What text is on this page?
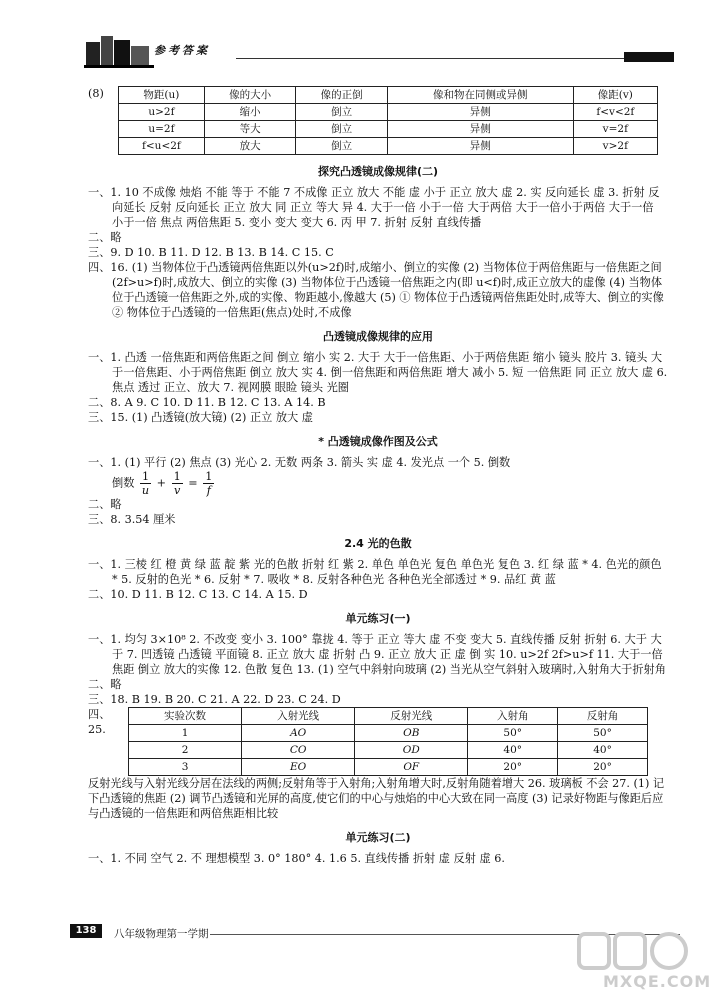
参考答案
(8)	物距(u)	像的大小	像的正倒	像和物在同侧或异侧	像距(v)
u>2f	缩小	倒立	异侧	f<v<2f
u=2f	等大	倒立	异侧	v=2f
f<u<2f	放大	倒立	异侧	v>2f
探究凸透镜成像规律(二)

一、1. 10 不成像 烛焰 不能 等于 不能 7 不成像 正立 放大 不能 虚 小于 正立 放大 虚 2. 实 反向延长 虚 3. 折射 反向延长 反射 反向延长 正立 放大 同 正立 等大 异 4. 大于一倍 小于一倍 大于两倍 大于一倍小于两倍 大于一倍 小于一倍 焦点 两倍焦距 5. 变小 变大 变大 6. 丙 甲 7. 折射 反射 直线传播

二、略

三、9. D 10. B 11. D 12. B 13. B 14. C 15. C

四、16. (1) 当物体位于凸透镜两倍焦距以外(u>2f)时,成缩小、倒立的实像 (2) 当物体位于两倍焦距与一倍焦距之间(2f>u>f)时,成放大、倒立的实像 (3) 当物体位于凸透镜一倍焦距之内(即 u<f)时,成正立放大的虚像 (4) 当物体位于凸透镜一倍焦距之外,成的实像、物距越小,像越大 (5) ① 物体位于凸透镜两倍焦距处时,成等大、倒立的实像 ② 物体位于凸透镜的一倍焦距(焦点)处时,不成像

凸透镜成像规律的应用

一、1. 凸透 一倍焦距和两倍焦距之间 倒立 缩小 实 2. 大于 大于一倍焦距、小于两倍焦距 缩小 镜头 胶片 3. 镜头 大于一倍焦距、小于两倍焦距 倒立 放大 实 4. 倒一倍焦距和两倍焦距 增大 减小 5. 短 一倍焦距 同 正立 放大 虚 6. 焦点 透过 正立、放大 7. 视网膜 眼睑 镜头 光圈

二、8. A 9. C 10. D 11. B 12. C 13. A 14. B

三、15. (1) 凸透镜(放大镜) (2) 正立 放大 虚

* 凸透镜成像作图及公式

一、1. (1) 平行 (2) 焦点 (3) 光心 2. 无数 两条 3. 箭头 实 虚 4. 发光点 一个 5. 倒数

倒数 $\frac{1}{u} + \frac{1}{v} = \frac{1}{f}$

二、略

三、8. 3.54 厘米

2.4 光的色散

一、1. 三棱 红 橙 黄 绿 蓝 靛 紫 光的色散 折射 红 紫 2. 单色 单色光 复色 单色光 复色 3. 红 绿 蓝 * 4. 色光的颜色 * 5. 反射的色光 * 6. 反射 * 7. 吸收 * 8. 反射各种色光 各种色光全部透过 * 9. 品红 黄 蓝

二、10. D 11. B 12. C 13. C 14. A 15. D

单元练习(一)

一、1. 均匀 3×10⁸ 2. 不改变 变小 3. 100° 靠拢 4. 等于 正立 等大 虚 不变 变大 5. 直线传播 反射 折射 6. 大于 大于 7. 凹透镜 凸透镜 平面镜 8. 正立 放大 虚 折射 凸 9. 正立 放大 正 虚 倒 实 10. u>2f 2f>u>f 11. 大于一倍焦距 倒立 放大的实像 12. 色散 复色 13. (1) 空气中斜射向玻璃 (2) 当光从空气斜射入玻璃时,入射角大于折射角

二、略

三、18. B 19. B 20. C 21. A 22. D 23. C 24. D

四、25.
实验次数	入射光线	反射光线	入射角	反射角
1	AO	OB	50°	50°
2	CO	OD	40°	40°
3	EO	OF	20°	20°

反射光线与入射光线分居在法线的两侧;反射角等于入射角;入射角增大时,反射角随着增大 26. 玻璃板 不会 27. (1) 记下凸透镜的焦距 (2) 调节凸透镜和光屏的高度,使它们的中心与烛焰的中心大致在同一高度 (3) 记录好物距与像距后应与凸透镜的一倍焦距和两倍焦距相比较

单元练习(二)

一、1. 不同 空气 2. 不 理想模型 3. 0° 180° 4. 1.6 5. 直线传播 折射 虚 反射 虚 6.

138	八年级物理第一学期
MXQE.COM
